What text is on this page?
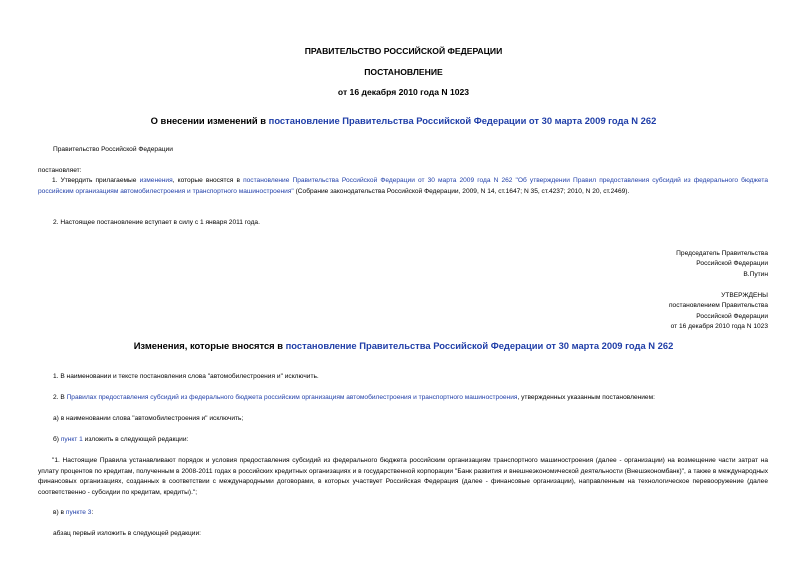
ПРАВИТЕЛЬСТВО РОССИЙСКОЙ ФЕДЕРАЦИИ
ПОСТАНОВЛЕНИЕ
от 16 декабря 2010 года N 1023
О внесении изменений в постановление Правительства Российской Федерации от 30 марта 2009 года N 262
Правительство Российской Федерации
постановляет:
1. Утвердить прилагаемые изменения, которые вносятся в постановление Правительства Российской Федерации от 30 марта 2009 года N 262 "Об утверждении Правил предоставления субсидий из федерального бюджета российским организациям автомобилестроения и транспортного машиностроения" (Собрание законодательства Российской Федерации, 2009, N 14, ст.1647; N 35, ст.4237; 2010, N 20, ст.2469).
2. Настоящее постановление вступает в силу с 1 января 2011 года.
Председатель Правительства
Российской Федерации
В.Путин
УТВЕРЖДЕНЫ
постановлением Правительства
Российской Федерации
от 16 декабря 2010 года N 1023
Изменения, которые вносятся в постановление Правительства Российской Федерации от 30 марта 2009 года N 262
1. В наименовании и тексте постановления слова "автомобилестроения и" исключить.
2. В Правилах предоставления субсидий из федерального бюджета российским организациям автомобилестроения и транспортного машиностроения, утвержденных указанным постановлением:
а) в наименовании слова "автомобилестроения и" исключить;
б) пункт 1 изложить в следующей редакции:
"1. Настоящие Правила устанавливают порядок и условия предоставления субсидий из федерального бюджета российским организациям транспортного машиностроения (далее - организации) на возмещение части затрат на уплату процентов по кредитам, полученным в 2008-2011 годах в российских кредитных организациях и в государственной корпорации "Банк развития и внешнеэкономической деятельности (Внешэкономбанк)", а также в международных финансовых организациях, созданных в соответствии с международными договорами, в которых участвует Российская Федерация (далее - финансовые организации), направленным на технологическое перевооружение (далее соответственно - субсидии по кредитам, кредиты).";
в) в пункте 3:
абзац первый изложить в следующей редакции:
